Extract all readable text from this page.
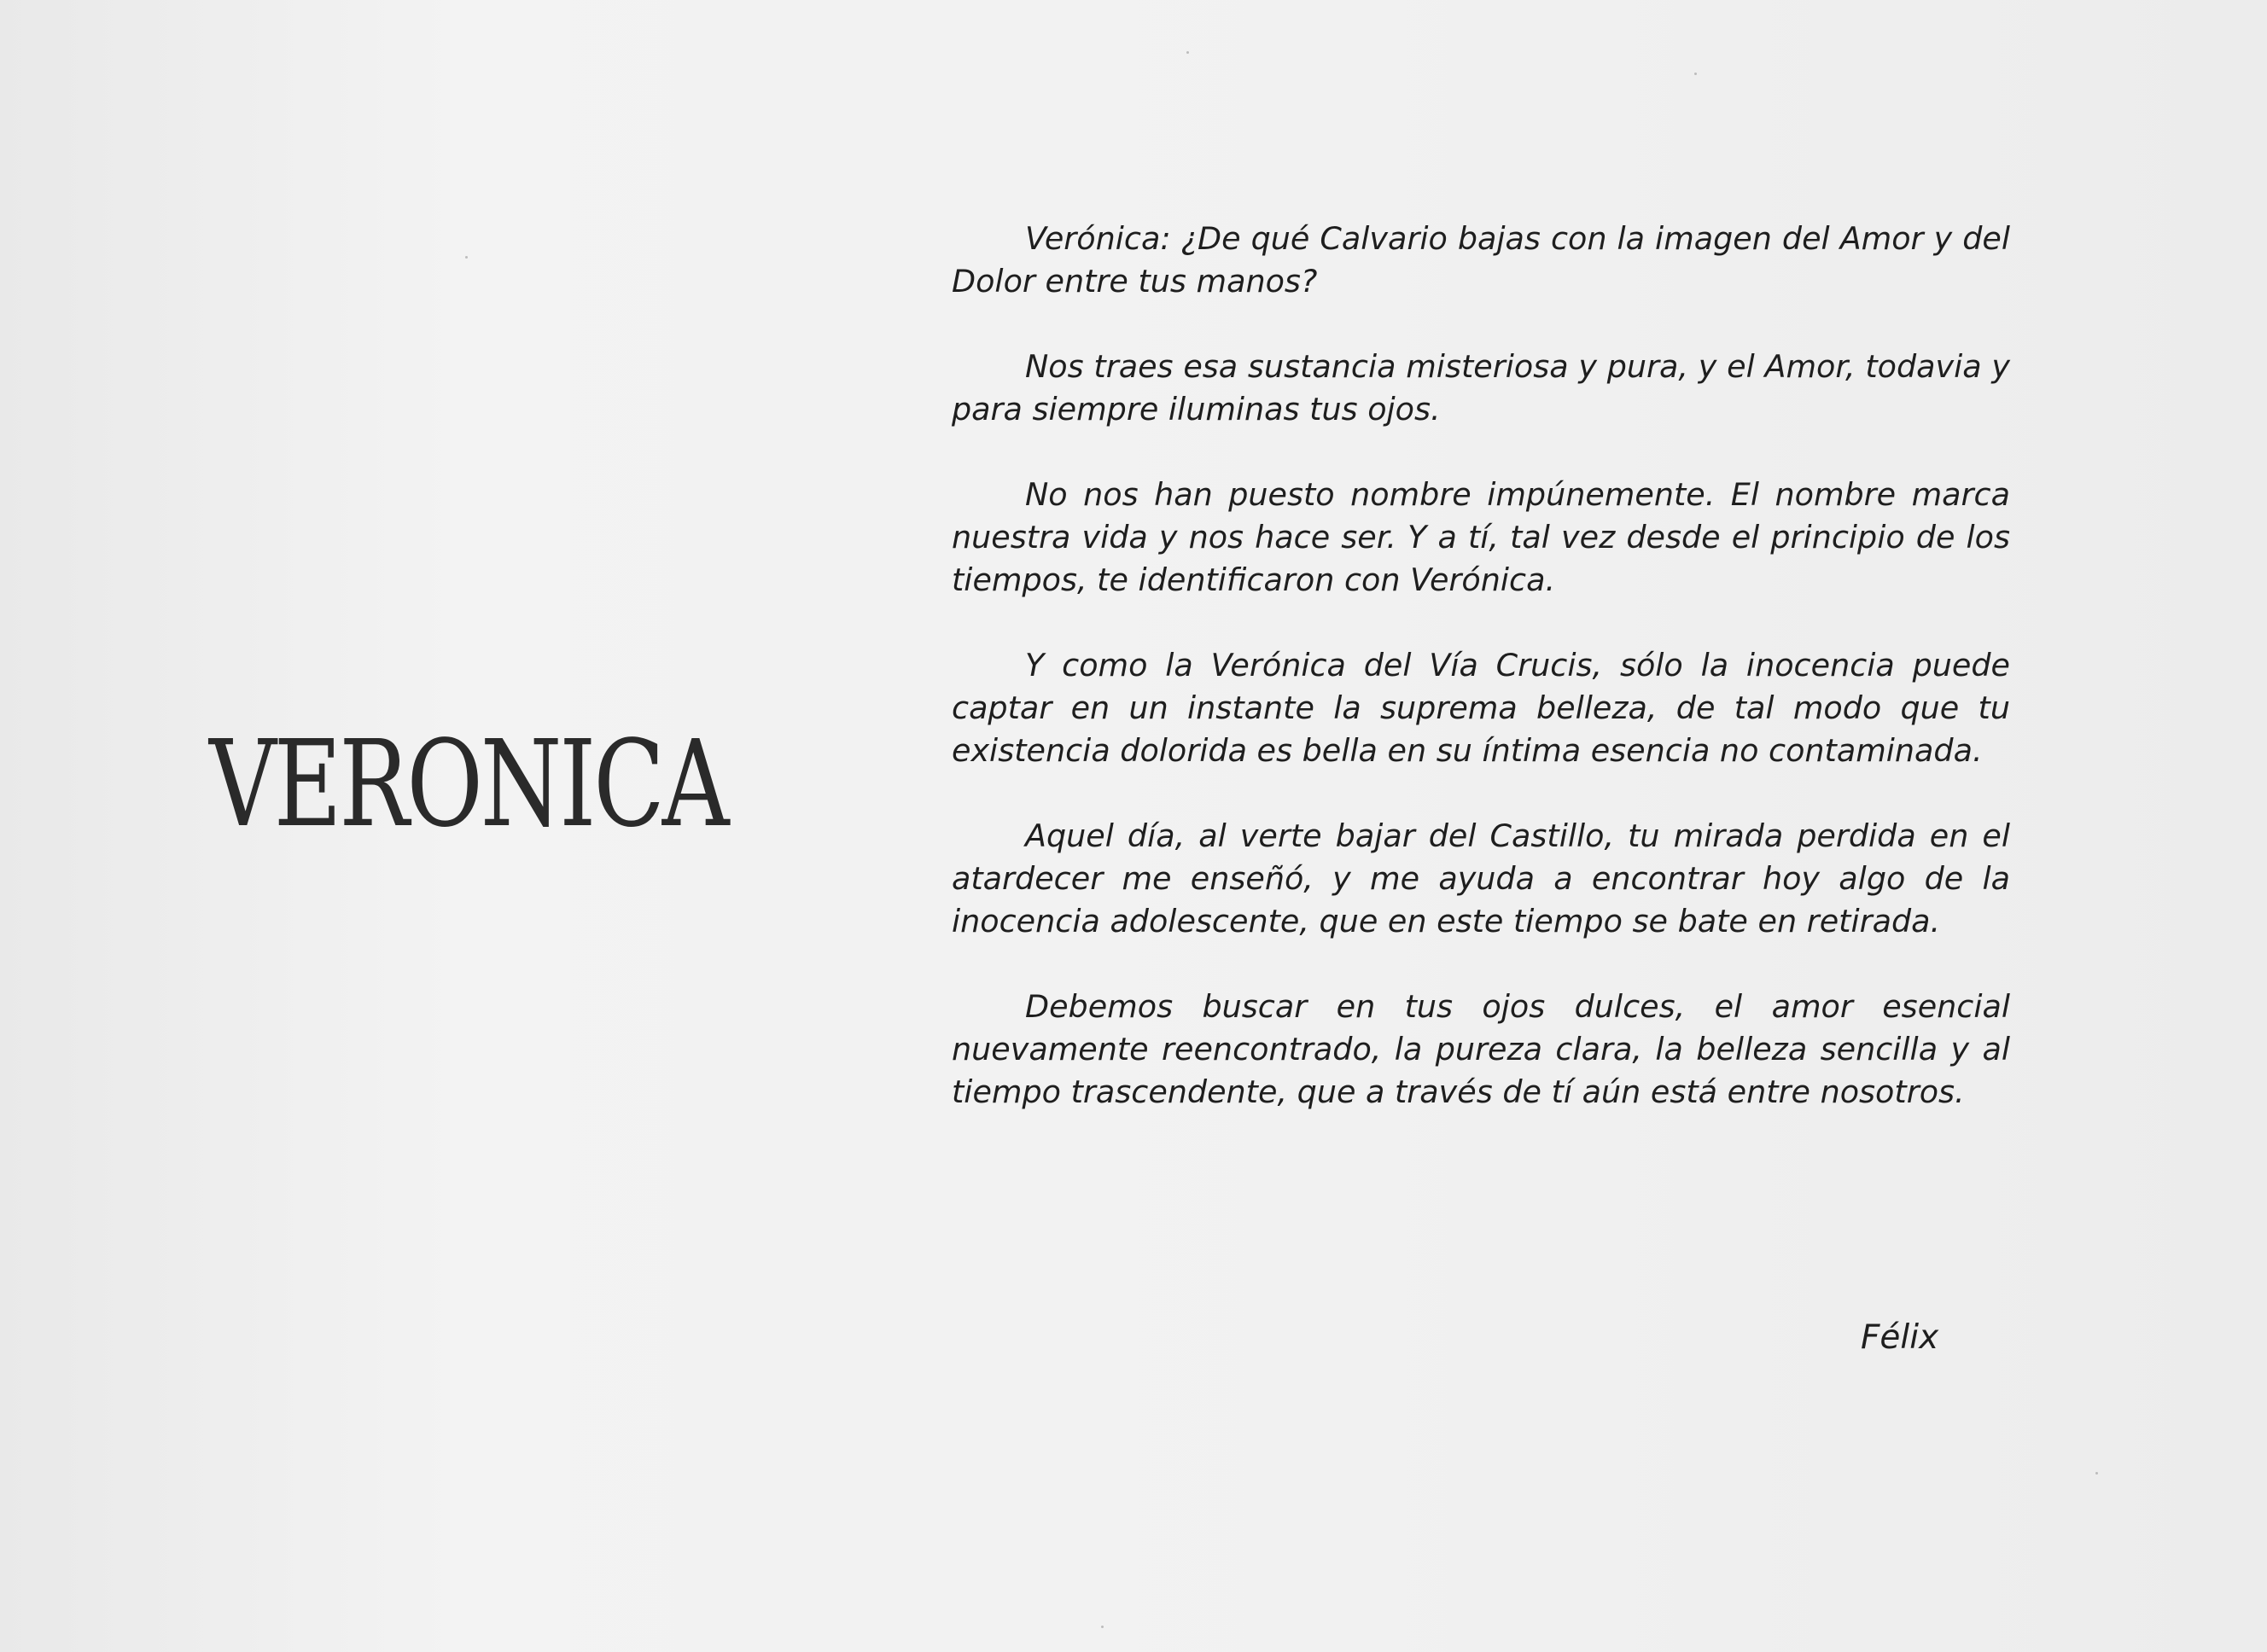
VERONICA

Verónica: ¿De qué Calvario bajas con la imagen del Amor y del Dolor entre tus manos?

Nos traes esa sustancia misteriosa y pura, y el Amor, todavia y para siempre iluminas tus ojos.

No nos han puesto nombre impúnemente. El nombre marca nuestra vida y nos hace ser. Y a tí, tal vez desde el principio de los tiempos, te identificaron con Verónica.

Y como la Verónica del Vía Crucis, sólo la inocencia puede captar en un instante la suprema belleza, de tal modo que tu existencia dolorida es bella en su íntima esencia no contaminada.

Aquel día, al verte bajar del Castillo, tu mirada perdida en el atardecer me enseñó, y me ayuda a encontrar hoy algo de la inocencia adolescente, que en este tiempo se bate en retirada.

Debemos buscar en tus ojos dulces, el amor esencial nuevamente reencontrado, la pureza clara, la belleza sencilla y al tiempo trascendente, que a través de tí aún está entre nosotros.

Félix
